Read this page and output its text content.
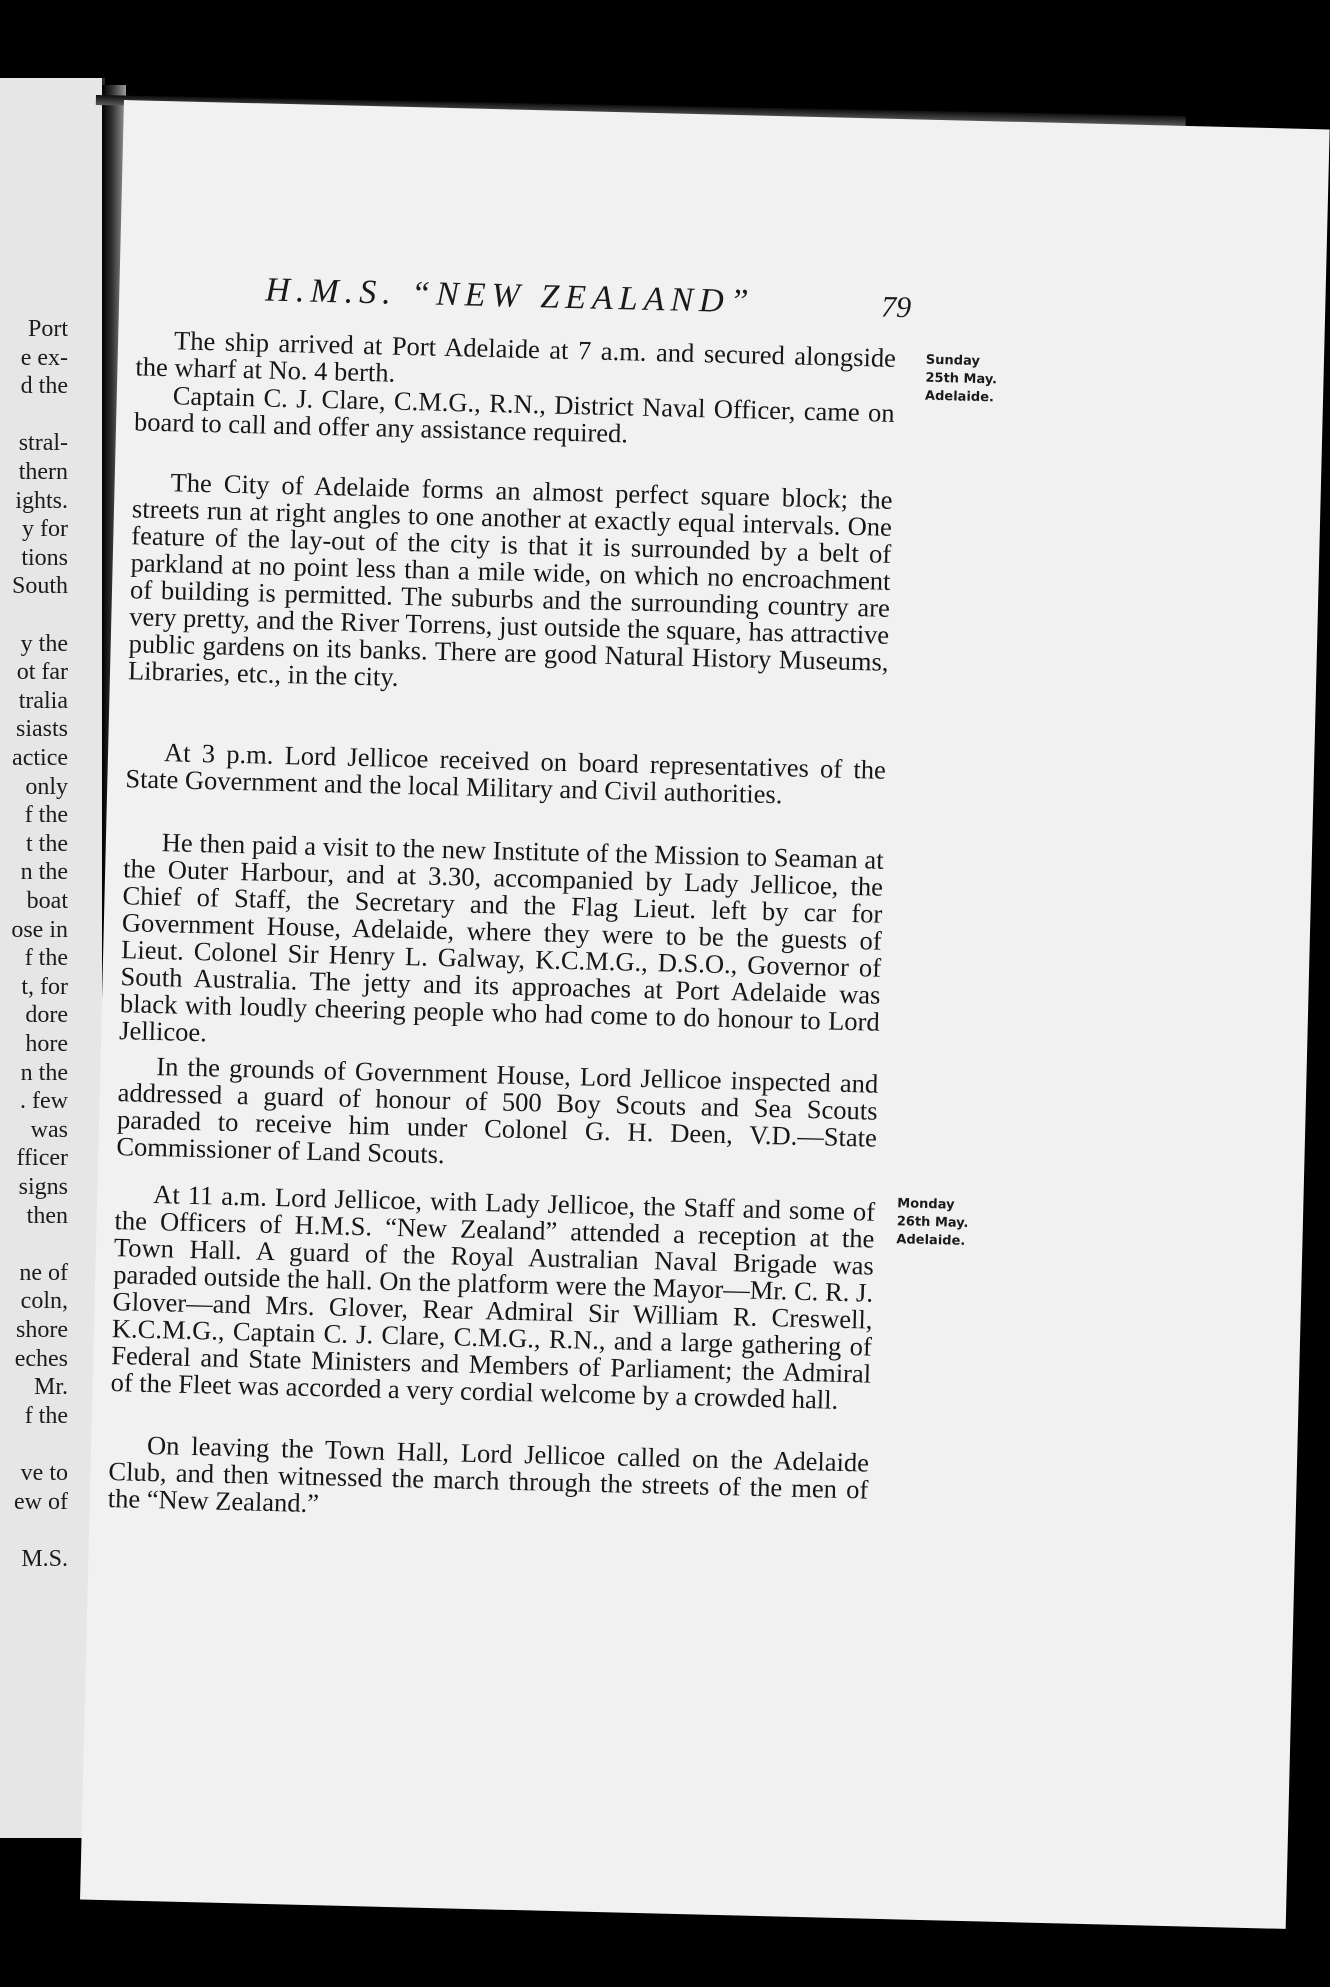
Port
e ex-
d the
stral-
thern
ights.
y for
tions
South
y the
ot far
tralia
siasts
actice
only
f the
t the
n the
boat
ose in
f the
t, for
dore
hore
n the
. few
was
fficer
signs
then
ne of
coln,
shore
eches
Mr.
f the
ve to
ew of
M.S.
H.M.S. “NEW ZEALAND”	79

The ship arrived at Port Adelaide at 7 a.m. and secured alongside the wharf at No. 4 berth.

Captain C. J. Clare, C.M.G., R.N., District Naval Officer, came on board to call and offer any assistance required.

The City of Adelaide forms an almost perfect square block; the streets run at right angles to one another at exactly equal intervals. One feature of the lay-out of the city is that it is surrounded by a belt of parkland at no point less than a mile wide, on which no encroachment of building is permitted. The suburbs and the surrounding country are very pretty, and the River Torrens, just outside the square, has attractive public gardens on its banks. There are good Natural History Museums, Libraries, etc., in the city.

At 3 p.m. Lord Jellicoe received on board representatives of the State Government and the local Military and Civil authorities.

He then paid a visit to the new Institute of the Mission to Seaman at the Outer Harbour, and at 3.30, accompanied by Lady Jellicoe, the Chief of Staff, the Secretary and the Flag Lieut. left by car for Government House, Adelaide, where they were to be the guests of Lieut. Colonel Sir Henry L. Galway, K.C.M.G., D.S.O., Governor of South Australia. The jetty and its approaches at Port Adelaide was black with loudly cheering people who had come to do honour to Lord Jellicoe.

In the grounds of Government House, Lord Jellicoe inspected and addressed a guard of honour of 500 Boy Scouts and Sea Scouts paraded to receive him under Colonel G. H. Deen, V.D.—State Commissioner of Land Scouts.

At 11 a.m. Lord Jellicoe, with Lady Jellicoe, the Staff and some of the Officers of H.M.S. “New Zealand” attended a reception at the Town Hall. A guard of the Royal Australian Naval Brigade was paraded outside the hall. On the platform were the Mayor—Mr. C. R. J. Glover—and Mrs. Glover, Rear Admiral Sir William R. Creswell, K.C.M.G., Captain C. J. Clare, C.M.G., R.N., and a large gathering of Federal and State Ministers and Members of Parliament; the Admiral of the Fleet was accorded a very cordial welcome by a crowded hall.

On leaving the Town Hall, Lord Jellicoe called on the Adelaide Club, and then witnessed the march through the streets of the men of the “New Zealand.”

Sunday
25th May.
Adelaide.
Monday
26th May.
Adelaide.
